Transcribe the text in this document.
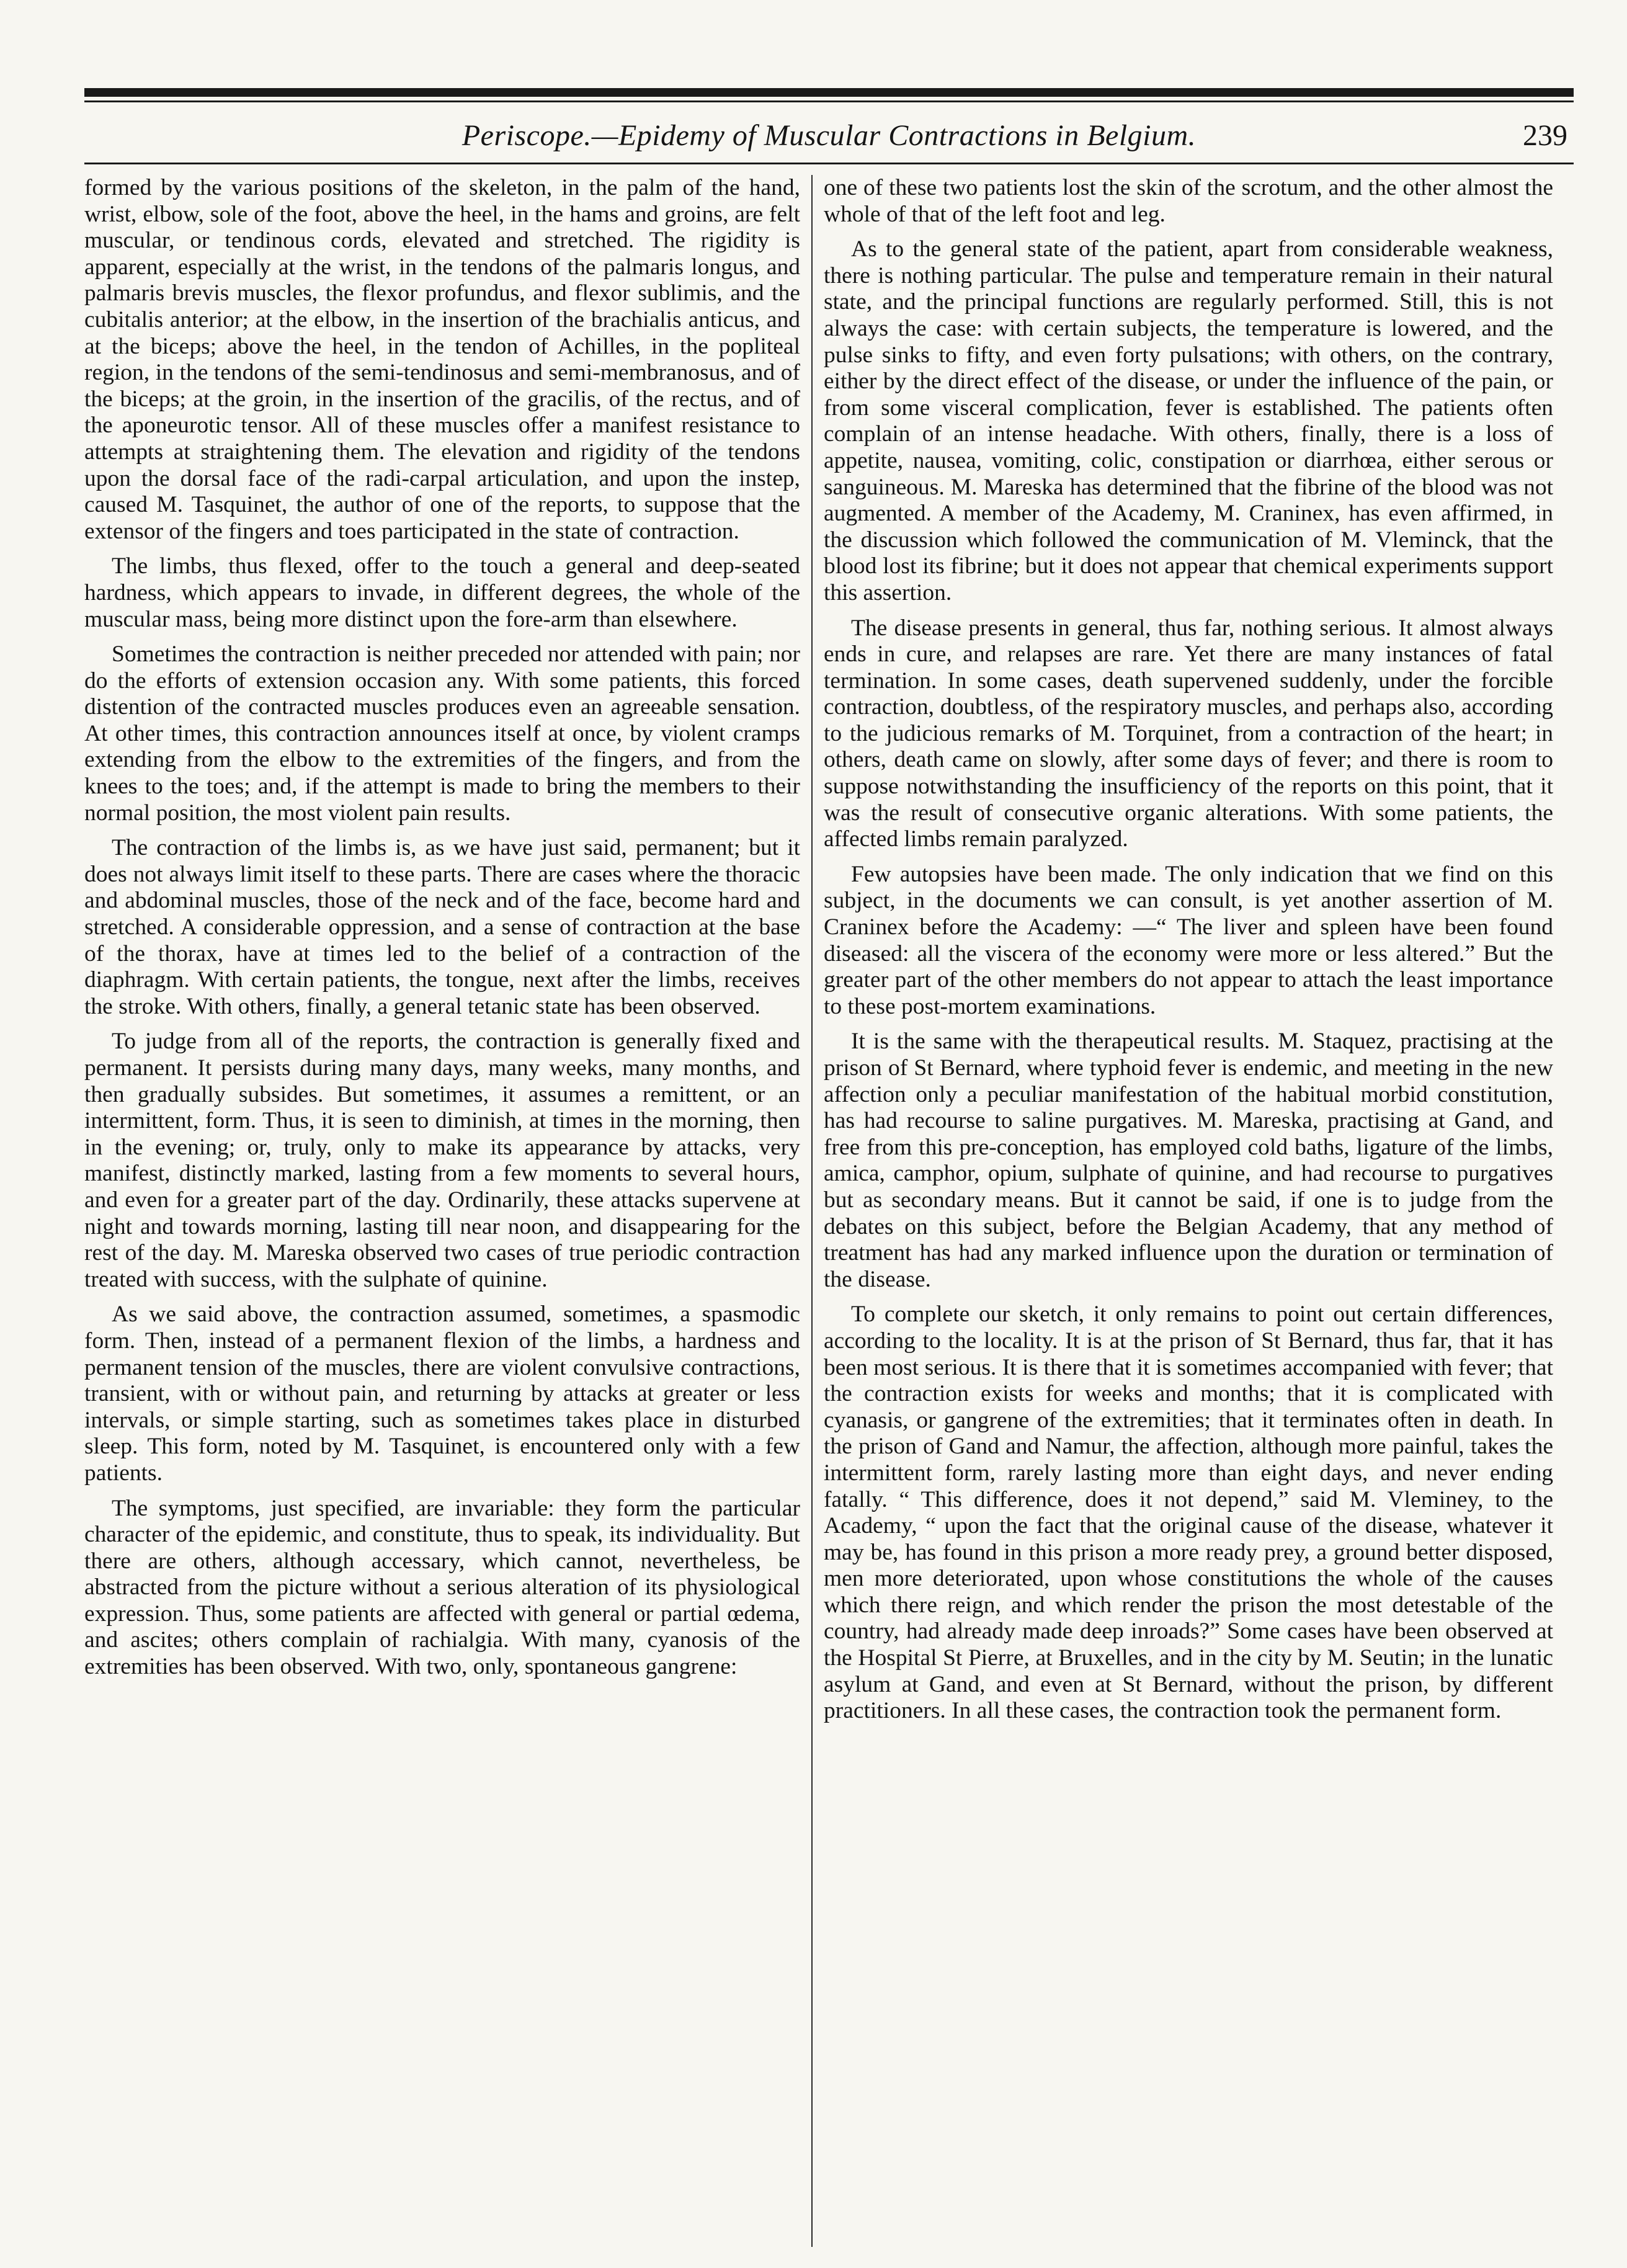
Periscope.—Epidemy of Muscular Contractions in Belgium.	239

formed by the various positions of the skeleton, in the palm of the hand, wrist, elbow, sole of the foot, above the heel, in the hams and groins, are felt muscular, or tendinous cords, elevated and stretched. The rigidity is apparent, especially at the wrist, in the tendons of the palmaris longus, and palmaris brevis muscles, the flexor profundus, and flexor sublimis, and the cubitalis anterior; at the elbow, in the insertion of the brachialis anticus, and at the biceps; above the heel, in the tendon of Achilles, in the popliteal region, in the tendons of the semi-tendinosus and semi-membranosus, and of the biceps; at the groin, in the insertion of the gracilis, of the rectus, and of the aponeurotic tensor. All of these muscles offer a manifest resistance to attempts at straightening them. The elevation and rigidity of the tendons upon the dorsal face of the radi-carpal articulation, and upon the instep, caused M. Tasquinet, the author of one of the reports, to suppose that the extensor of the fingers and toes participated in the state of contraction.

The limbs, thus flexed, offer to the touch a general and deep-seated hardness, which appears to invade, in different degrees, the whole of the muscular mass, being more distinct upon the fore-arm than elsewhere.

Sometimes the contraction is neither preceded nor attended with pain; nor do the efforts of extension occasion any. With some patients, this forced distention of the contracted muscles produces even an agreeable sensation. At other times, this contraction announces itself at once, by violent cramps extending from the elbow to the extremities of the fingers, and from the knees to the toes; and, if the attempt is made to bring the members to their normal position, the most violent pain results.

The contraction of the limbs is, as we have just said, permanent; but it does not always limit itself to these parts. There are cases where the thoracic and abdominal muscles, those of the neck and of the face, become hard and stretched. A considerable oppression, and a sense of contraction at the base of the thorax, have at times led to the belief of a contraction of the diaphragm. With certain patients, the tongue, next after the limbs, receives the stroke. With others, finally, a general tetanic state has been observed.

To judge from all of the reports, the contraction is generally fixed and permanent. It persists during many days, many weeks, many months, and then gradually subsides. But sometimes, it assumes a remittent, or an intermittent, form. Thus, it is seen to diminish, at times in the morning, then in the evening; or, truly, only to make its appearance by attacks, very manifest, distinctly marked, lasting from a few moments to several hours, and even for a greater part of the day. Ordinarily, these attacks supervene at night and towards morning, lasting till near noon, and disappearing for the rest of the day. M. Mareska observed two cases of true periodic contraction treated with success, with the sulphate of quinine.

As we said above, the contraction assumed, sometimes, a spasmodic form. Then, instead of a permanent flexion of the limbs, a hardness and permanent tension of the muscles, there are violent convulsive contractions, transient, with or without pain, and returning by attacks at greater or less intervals, or simple starting, such as sometimes takes place in disturbed sleep. This form, noted by M. Tasquinet, is encountered only with a few patients.

The symptoms, just specified, are invariable: they form the particular character of the epidemic, and constitute, thus to speak, its individuality. But there are others, although accessary, which cannot, nevertheless, be abstracted from the picture without a serious alteration of its physiological expression. Thus, some patients are affected with general or partial œdema, and ascites; others complain of rachialgia. With many, cyanosis of the extremities has been observed. With two, only, spontaneous gangrene:

one of these two patients lost the skin of the scrotum, and the other almost the whole of that of the left foot and leg.

As to the general state of the patient, apart from considerable weakness, there is nothing particular. The pulse and temperature remain in their natural state, and the principal functions are regularly performed. Still, this is not always the case: with certain subjects, the temperature is lowered, and the pulse sinks to fifty, and even forty pulsations; with others, on the contrary, either by the direct effect of the disease, or under the influence of the pain, or from some visceral complication, fever is established. The patients often complain of an intense headache. With others, finally, there is a loss of appetite, nausea, vomiting, colic, constipation or diarrhœa, either serous or sanguineous. M. Mareska has determined that the fibrine of the blood was not augmented. A member of the Academy, M. Craninex, has even affirmed, in the discussion which followed the communication of M. Vleminck, that the blood lost its fibrine; but it does not appear that chemical experiments support this assertion.

The disease presents in general, thus far, nothing serious. It almost always ends in cure, and relapses are rare. Yet there are many instances of fatal termination. In some cases, death supervened suddenly, under the forcible contraction, doubtless, of the respiratory muscles, and perhaps also, according to the judicious remarks of M. Torquinet, from a contraction of the heart; in others, death came on slowly, after some days of fever; and there is room to suppose notwithstanding the insufficiency of the reports on this point, that it was the result of consecutive organic alterations. With some patients, the affected limbs remain paralyzed.

Few autopsies have been made. The only indication that we find on this subject, in the documents we can consult, is yet another assertion of M. Craninex before the Academy: —“ The liver and spleen have been found diseased: all the viscera of the economy were more or less altered.” But the greater part of the other members do not appear to attach the least importance to these post-mortem examinations.

It is the same with the therapeutical results. M. Staquez, practising at the prison of St Bernard, where typhoid fever is endemic, and meeting in the new affection only a peculiar manifestation of the habitual morbid constitution, has had recourse to saline purgatives. M. Mareska, practising at Gand, and free from this pre-conception, has employed cold baths, ligature of the limbs, amica, camphor, opium, sulphate of quinine, and had recourse to purgatives but as secondary means. But it cannot be said, if one is to judge from the debates on this subject, before the Belgian Academy, that any method of treatment has had any marked influence upon the duration or termination of the disease.

To complete our sketch, it only remains to point out certain differences, according to the locality. It is at the prison of St Bernard, thus far, that it has been most serious. It is there that it is sometimes accompanied with fever; that the contraction exists for weeks and months; that it is complicated with cyanasis, or gangrene of the extremities; that it terminates often in death. In the prison of Gand and Namur, the affection, although more painful, takes the intermittent form, rarely lasting more than eight days, and never ending fatally. “ This difference, does it not depend,” said M. Vleminey, to the Academy, “ upon the fact that the original cause of the disease, whatever it may be, has found in this prison a more ready prey, a ground better disposed, men more deteriorated, upon whose constitutions the whole of the causes which there reign, and which render the prison the most detestable of the country, had already made deep inroads?” Some cases have been observed at the Hospital St Pierre, at Bruxelles, and in the city by M. Seutin; in the lunatic asylum at Gand, and even at St Bernard, without the prison, by different practitioners. In all these cases, the contraction took the permanent form.
